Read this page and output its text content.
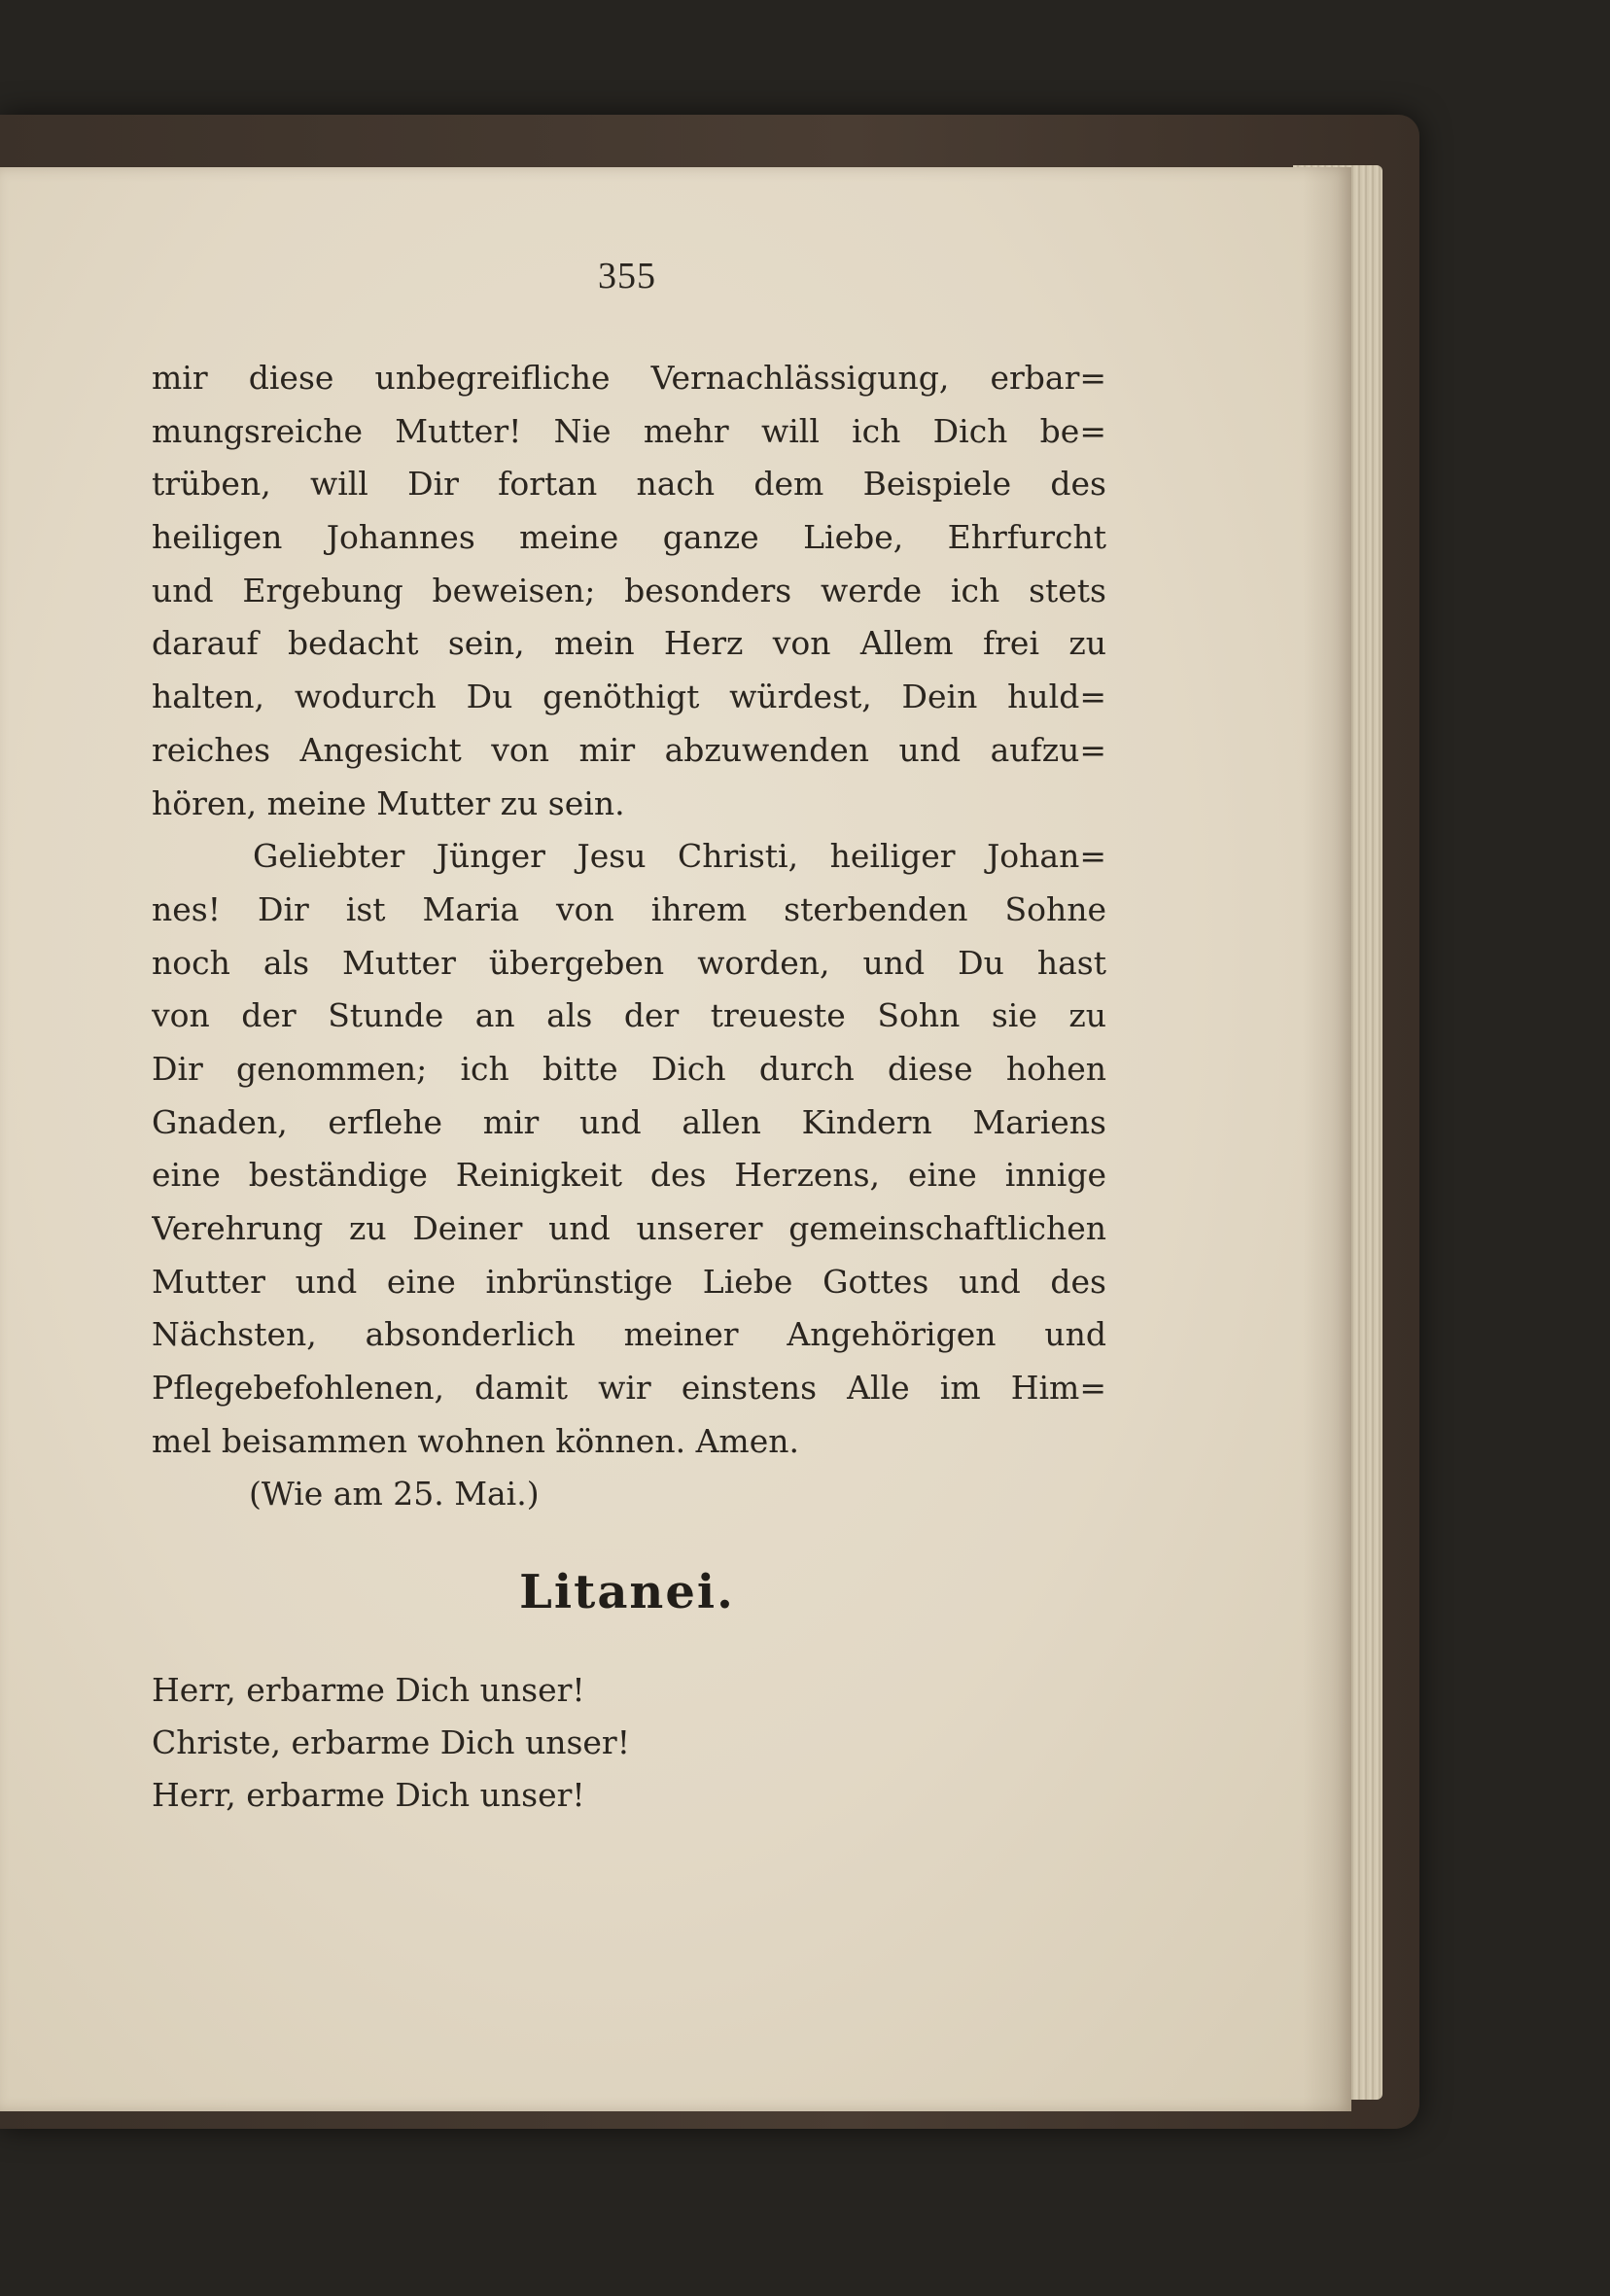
355
mir diese unbegreifliche Vernachlässigung, erbar=
mungsreiche Mutter! Nie mehr will ich Dich be=
trüben, will Dir fortan nach dem Beispiele des
heiligen Johannes meine ganze Liebe, Ehrfurcht
und Ergebung beweisen; besonders werde ich stets
darauf bedacht sein, mein Herz von Allem frei zu
halten, wodurch Du genöthigt würdest, Dein huld=
reiches Angesicht von mir abzuwenden und aufzu=
hören, meine Mutter zu sein.
Geliebter Jünger Jesu Christi, heiliger Johan=
nes! Dir ist Maria von ihrem sterbenden Sohne
noch als Mutter übergeben worden, und Du hast
von der Stunde an als der treueste Sohn sie zu
Dir genommen; ich bitte Dich durch diese hohen
Gnaden, erflehe mir und allen Kindern Mariens
eine beständige Reinigkeit des Herzens, eine innige
Verehrung zu Deiner und unserer gemeinschaftlichen
Mutter und eine inbrünstige Liebe Gottes und des
Nächsten, absonderlich meiner Angehörigen und
Pflegebefohlenen, damit wir einstens Alle im Him=
mel beisammen wohnen können. Amen.
(Wie am 25. Mai.)
Litanei.
Herr, erbarme Dich unser!
Christe, erbarme Dich unser!
Herr, erbarme Dich unser!
